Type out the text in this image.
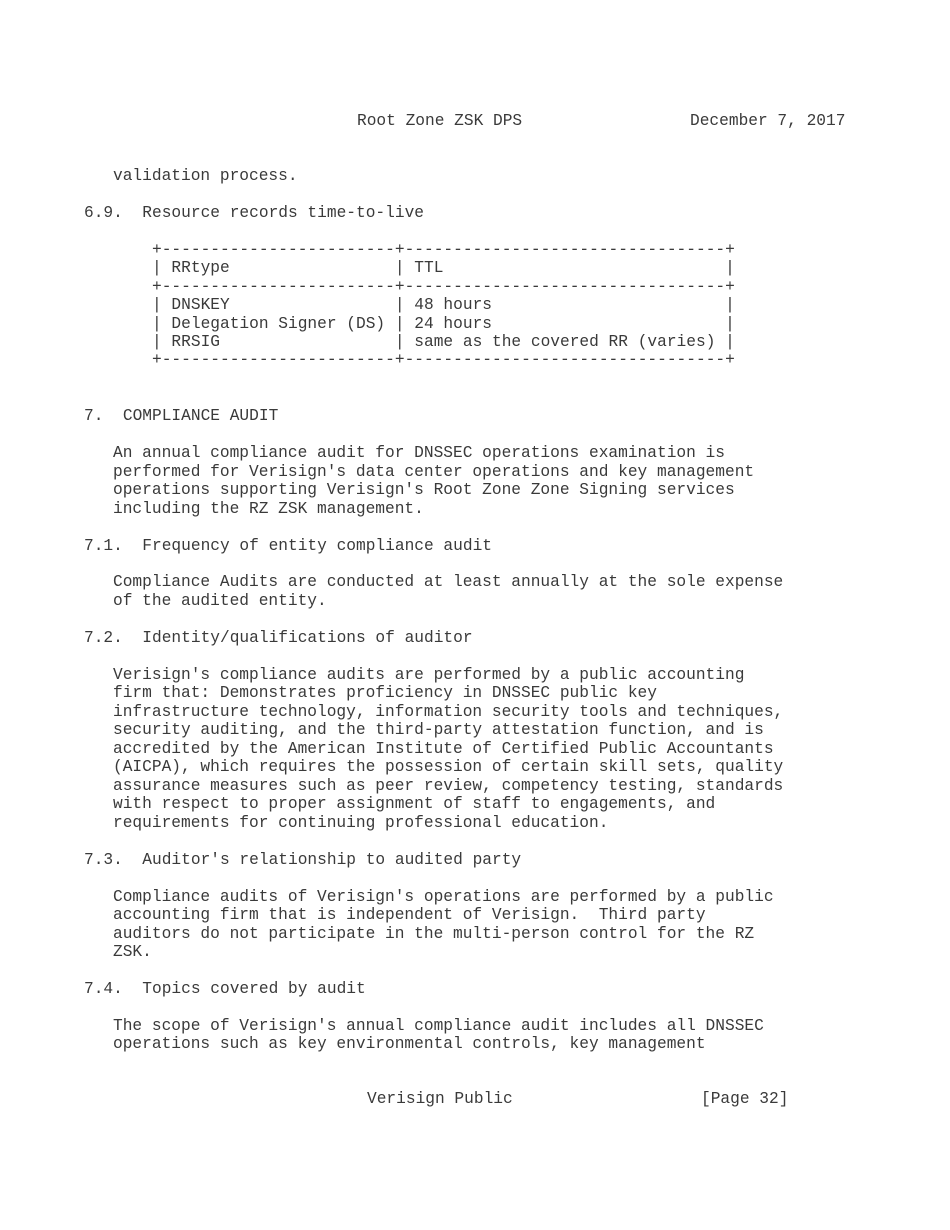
Root Zone ZSK DPS	December 7, 2017
validation process.
6.9.  Resource records time-to-live
+------------------------+---------------------------------+
| RRtype                 | TTL                             |
+------------------------+---------------------------------+
| DNSKEY                 | 48 hours                        |
| Delegation Signer (DS) | 24 hours                        |
| RRSIG                  | same as the covered RR (varies) |
+------------------------+---------------------------------+
7.  COMPLIANCE AUDIT
An annual compliance audit for DNSSEC operations examination is
performed for Verisign's data center operations and key management
operations supporting Verisign's Root Zone Zone Signing services
including the RZ ZSK management.
7.1.  Frequency of entity compliance audit
Compliance Audits are conducted at least annually at the sole expense
of the audited entity.
7.2.  Identity/qualifications of auditor
Verisign's compliance audits are performed by a public accounting
firm that: Demonstrates proficiency in DNSSEC public key
infrastructure technology, information security tools and techniques,
security auditing, and the third-party attestation function, and is
accredited by the American Institute of Certified Public Accountants
(AICPA), which requires the possession of certain skill sets, quality
assurance measures such as peer review, competency testing, standards
with respect to proper assignment of staff to engagements, and
requirements for continuing professional education.
7.3.  Auditor's relationship to audited party
Compliance audits of Verisign's operations are performed by a public
accounting firm that is independent of Verisign.  Third party
auditors do not participate in the multi-person control for the RZ
ZSK.
7.4.  Topics covered by audit
The scope of Verisign's annual compliance audit includes all DNSSEC
operations such as key environmental controls, key management
Verisign Public	[Page 32]
